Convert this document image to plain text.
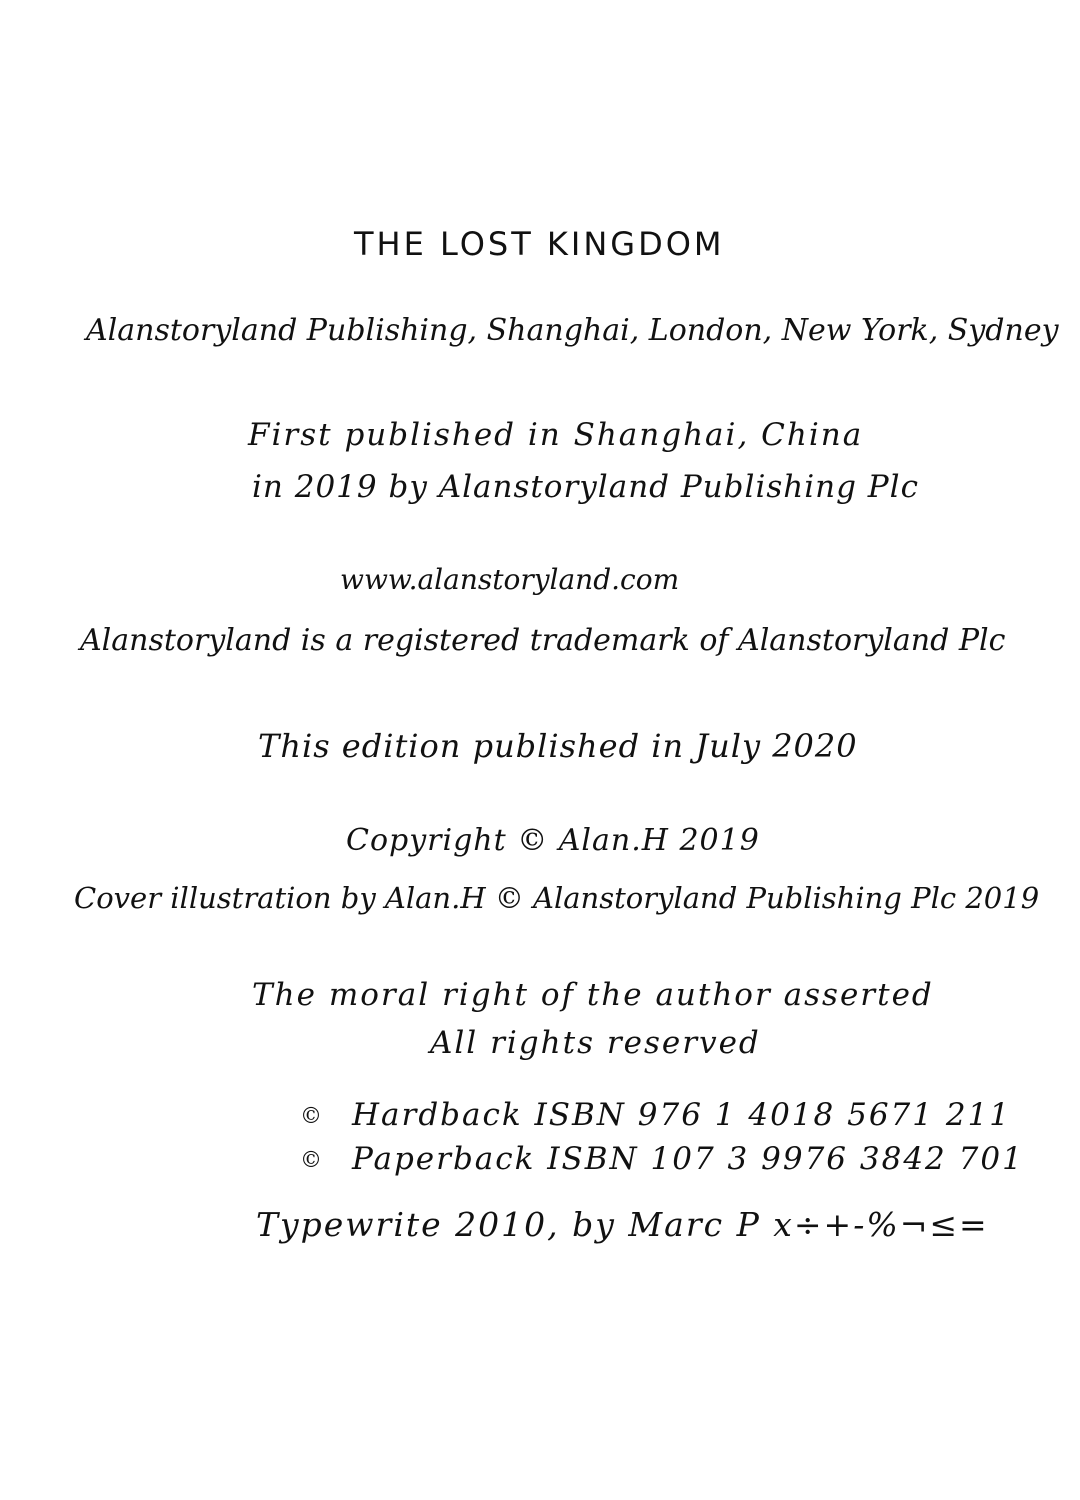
THE LOST KINGDOM
Alanstoryland Publishing, Shanghai, London, New York, Sydney
First published in Shanghai, China
in 2019 by Alanstoryland Publishing Plc
www.alanstoryland.com
Alanstoryland is a registered trademark of Alanstoryland Plc
This edition published in July 2020
Copyright © Alan.H 2019
Cover illustration by Alan.H © Alanstoryland Publishing Plc 2019
The moral right of the author asserted
All rights reserved
© Hardback ISBN 976 1 4018 5671 211
© Paperback ISBN 107 3 9976 3842 701
Typewrite 2010, by Marc P x÷+-%¬≤=
